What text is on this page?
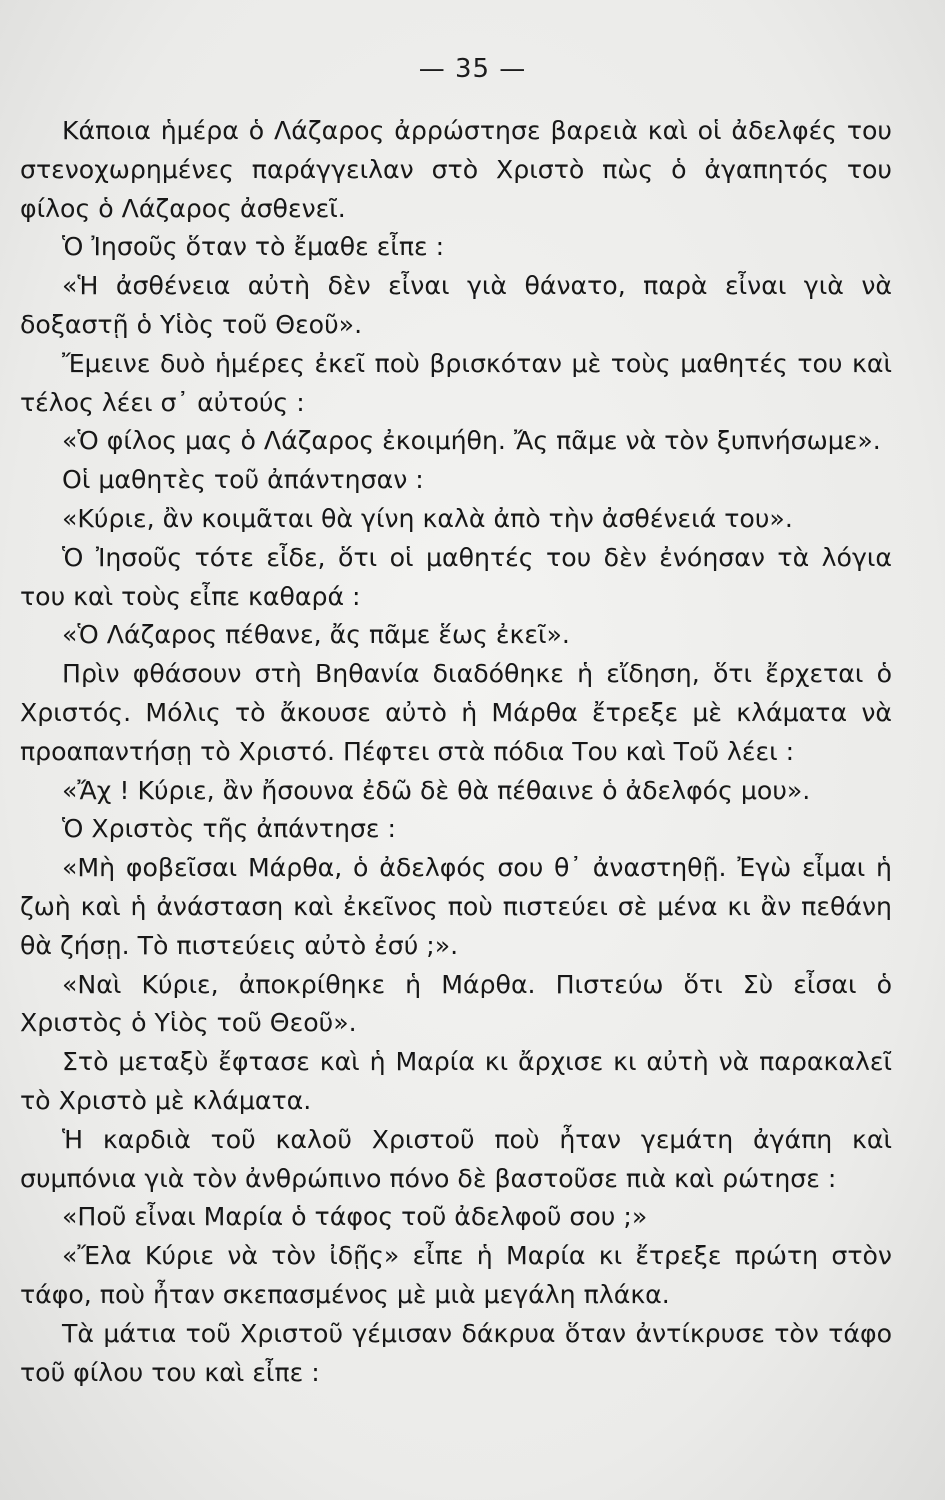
— 35 —

Κάποια ἡμέρα ὁ Λάζαρος ἀρρώστησε βαρειὰ καὶ οἱ ἀδελφές του στενοχωρημένες παράγγειλαν στὸ Χριστὸ πὼς ὁ ἀγαπητός του φίλος ὁ Λάζαρος ἀσθενεῖ.

Ὁ Ἰησοῦς ὅταν τὸ ἔμαθε εἶπε :

«Ἡ ἀσθένεια αὐτὴ δὲν εἶναι γιὰ θάνατο, παρὰ εἶναι γιὰ νὰ δοξαστῇ ὁ Υἱὸς τοῦ Θεοῦ».

Ἔμεινε δυὸ ἡμέρες ἐκεῖ ποὺ βρισκόταν μὲ τοὺς μαθητές του καὶ τέλος λέει σ᾽ αὐτούς :

«Ὁ φίλος μας ὁ Λάζαρος ἐκοιμήθη. Ἄς πᾶμε νὰ τὸν ξυπνήσωμε».

Οἱ μαθητὲς τοῦ ἀπάντησαν :

«Κύριε, ἂν κοιμᾶται θὰ γίνη καλὰ ἀπὸ τὴν ἀσθένειά του».

Ὁ Ἰησοῦς τότε εἶδε, ὅτι οἱ μαθητές του δὲν ἐνόησαν τὰ λόγια του καὶ τοὺς εἶπε καθαρά :

«Ὁ Λάζαρος πέθανε, ἄς πᾶμε ἕως ἐκεῖ».

Πρὶν φθάσουν στὴ Βηθανία διαδόθηκε ἡ εἴδηση, ὅτι ἔρχεται ὁ Χριστός. Μόλις τὸ ἄκουσε αὐτὸ ἡ Μάρθα ἔτρεξε μὲ κλάματα νὰ προαπαντήσῃ τὸ Χριστό. Πέφτει στὰ πόδια Του καὶ Τοῦ λέει :

«Ἄχ ! Κύριε, ἂν ἤσουνα ἐδῶ δὲ θὰ πέθαινε ὁ ἀδελφός μου».

Ὁ Χριστὸς τῆς ἀπάντησε :

«Μὴ φοβεῖσαι Μάρθα, ὁ ἀδελφός σου θ᾽ ἀναστηθῇ. Ἐγὼ εἶμαι ἡ ζωὴ καὶ ἡ ἀνάσταση καὶ ἐκεῖνος ποὺ πιστεύει σὲ μένα κι ἂν πεθάνη θὰ ζήσῃ. Τὸ πιστεύεις αὐτὸ ἐσύ ;».

«Ναὶ Κύριε, ἀποκρίθηκε ἡ Μάρθα. Πιστεύω ὅτι Σὺ εἶσαι ὁ Χριστὸς ὁ Υἱὸς τοῦ Θεοῦ».

Στὸ μεταξὺ ἔφτασε καὶ ἡ Μαρία κι ἄρχισε κι αὐτὴ νὰ παρακαλεῖ τὸ Χριστὸ μὲ κλάματα.

Ἡ καρδιὰ τοῦ καλοῦ Χριστοῦ ποὺ ἦταν γεμάτη ἀγάπη καὶ συμπόνια γιὰ τὸν ἀνθρώπινο πόνο δὲ βαστοῦσε πιὰ καὶ ρώτησε :

«Ποῦ εἶναι Μαρία ὁ τάφος τοῦ ἀδελφοῦ σου ;»

«Ἔλα Κύριε νὰ τὸν ἰδῇς» εἶπε ἡ Μαρία κι ἔτρεξε πρώτη στὸν τάφο, ποὺ ἦταν σκεπασμένος μὲ μιὰ μεγάλη πλάκα.

Τὰ μάτια τοῦ Χριστοῦ γέμισαν δάκρυα ὅταν ἀντίκρυσε τὸν τάφο τοῦ φίλου του καὶ εἶπε :
